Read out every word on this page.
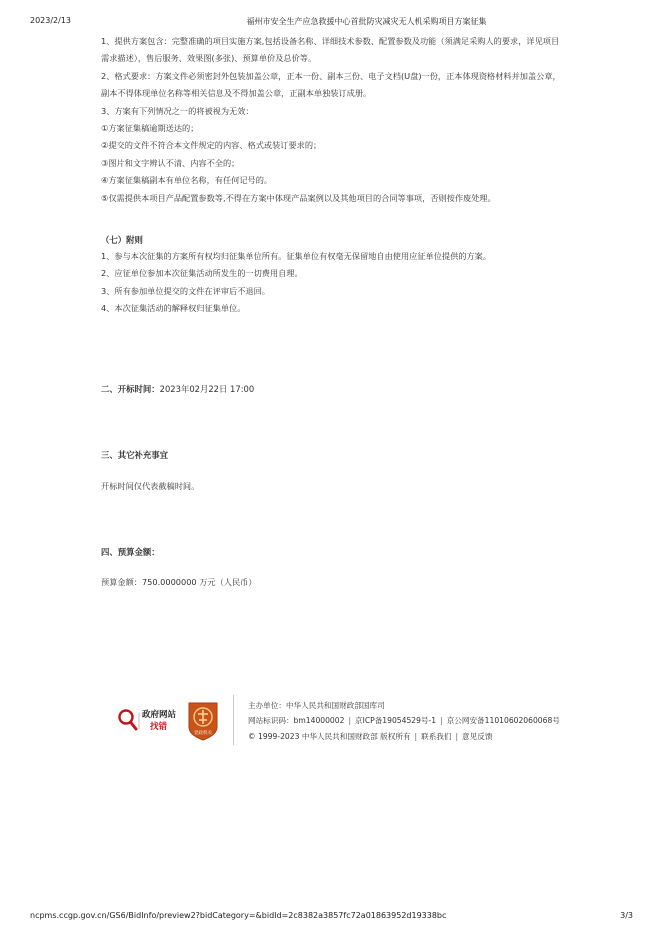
2023/2/13	福州市安全生产应急救援中心首批防灾减灾无人机采购项目方案征集

1、提供方案包含：完整准确的项目实施方案,包括设备名称、详细技术参数、配置参数及功能（须满足采购人的要求，详见项目需求描述），售后服务、效果图(多张)、预算单价及总价等。

2、格式要求：方案文件必须密封外包装加盖公章，正本一份、副本三份、电子文档(U盘)一份，正本体现资格材料并加盖公章，副本不得体现单位名称等相关信息及不得加盖公章，正副本单独装订成册。

3、方案有下列情况之一的将被视为无效：

①方案征集稿逾期送达的；

②提交的文件不符合本文件规定的内容、格式或装订要求的；

③图片和文字辨认不清、内容不全的；

④方案征集稿副本有单位名称，有任何记号的。

⑤仅需提供本项目产品配置参数等,不得在方案中体现产品案例以及其他项目的合同等事项，否则按作废处理。

（七）附则

1、参与本次征集的方案所有权均归征集单位所有。征集单位有权毫无保留地自由使用应征单位提供的方案。

2、应征单位参加本次征集活动所发生的一切费用自理。

3、所有参加单位提交的文件在评审后不退回。

4、本次征集活动的解释权归征集单位。

二、开标时间：2023年02月22日 17:00
三、其它补充事宜
开标时间仅代表截稿时间。
四、预算金额：
预算金额：750.0000000 万元（人民币）
政府网站
找错
党政机关
主办单位：中华人民共和国财政部国库司
网站标识码：bm14000002 | 京ICP备19054529号-1 | 京公网安备11010602060068号
© 1999-2023 中华人民共和国财政部 版权所有 | 联系我们 | 意见反馈
ncpms.ccgp.gov.cn/GS6/BidInfo/preview2?bidCategory=&bidId=2c8382a3857fc72a01863952d19338bc	3/3
